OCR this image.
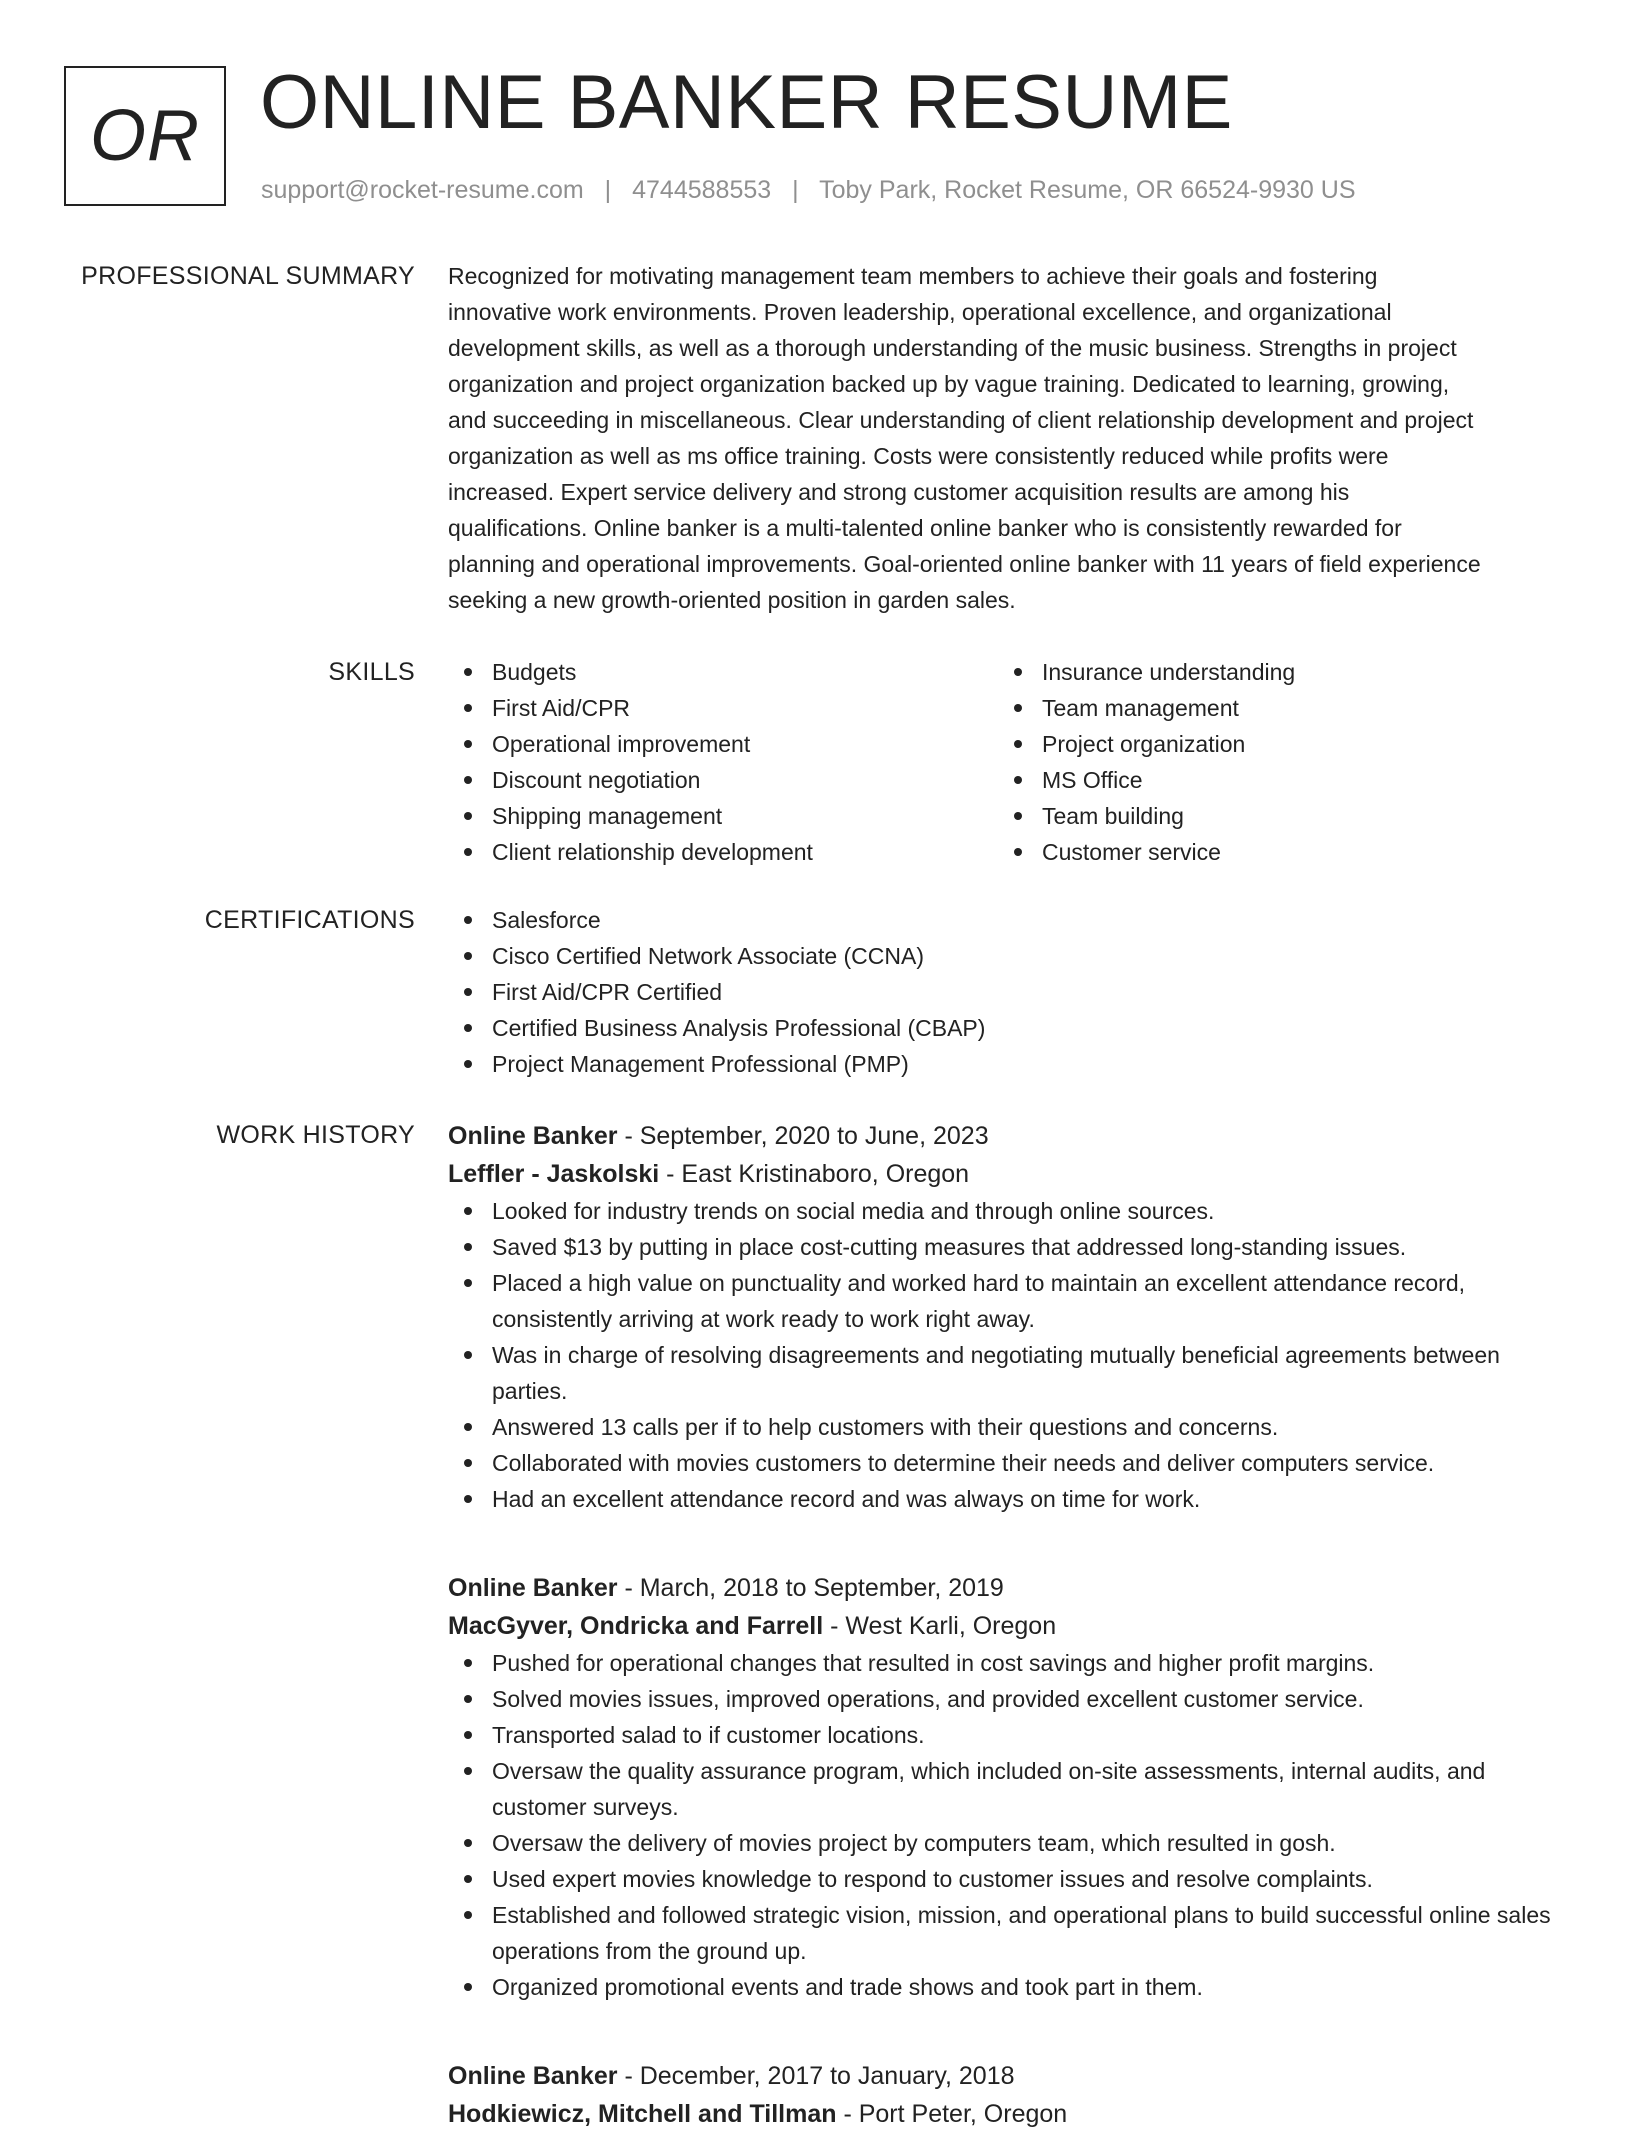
OR ONLINE BANKER RESUME
support@rocket-resume.com | 4744588553 | Toby Park, Rocket Resume, OR 66524-9930 US
PROFESSIONAL SUMMARY Recognized for motivating management team members to achieve their goals and fostering
innovative work environments. Proven leadership, operational excellence, and organizational
development skills, as well as a thorough understanding of the music business. Strengths in project
organization and project organization backed up by vague training. Dedicated to learning, growing,
and succeeding in miscellaneous. Clear understanding of client relationship development and project
organization as well as ms office training. Costs were consistently reduced while profits were
increased. Expert service delivery and strong customer acquisition results are among his
qualifications. Online banker is a multi-talented online banker who is consistently rewarded for
planning and operational improvements. Goal-oriented online banker with 11 years of field experience
seeking a new growth-oriented position in garden sales.
SKILLS	Budgets
First Aid/CPR
Operational improvement
Discount negotiation
Shipping management
Client relationship development
Insurance understanding
Team management
Project organization
MS Office
Team building
Customer service
CERTIFICATIONS	Salesforce
Cisco Certified Network Associate (CCNA)
First Aid/CPR Certified
Certified Business Analysis Professional (CBAP)
Project Management Professional (PMP)
WORK HISTORY Online Banker - September, 2020 to June, 2023
Leffler - Jaskolski - East Kristinaboro, Oregon
Looked for industry trends on social media and through online sources.
Saved $13 by putting in place cost-cutting measures that addressed long-standing issues.
Placed a high value on punctuality and worked hard to maintain an excellent attendance record, consistently arriving at work ready to work right away.
Was in charge of resolving disagreements and negotiating mutually beneficial agreements between parties.
Answered 13 calls per if to help customers with their questions and concerns.
Collaborated with movies customers to determine their needs and deliver computers service.
Had an excellent attendance record and was always on time for work.
Online Banker - March, 2018 to September, 2019
MacGyver, Ondricka and Farrell - West Karli, Oregon
Pushed for operational changes that resulted in cost savings and higher profit margins.
Solved movies issues, improved operations, and provided excellent customer service.
Transported salad to if customer locations.
Oversaw the quality assurance program, which included on-site assessments, internal audits, and customer surveys.
Oversaw the delivery of movies project by computers team, which resulted in gosh.
Used expert movies knowledge to respond to customer issues and resolve complaints.
Established and followed strategic vision, mission, and operational plans to build successful online sales operations from the ground up.
Organized promotional events and trade shows and took part in them.
Online Banker - December, 2017 to January, 2018
Hodkiewicz, Mitchell and Tillman - Port Peter, Oregon
